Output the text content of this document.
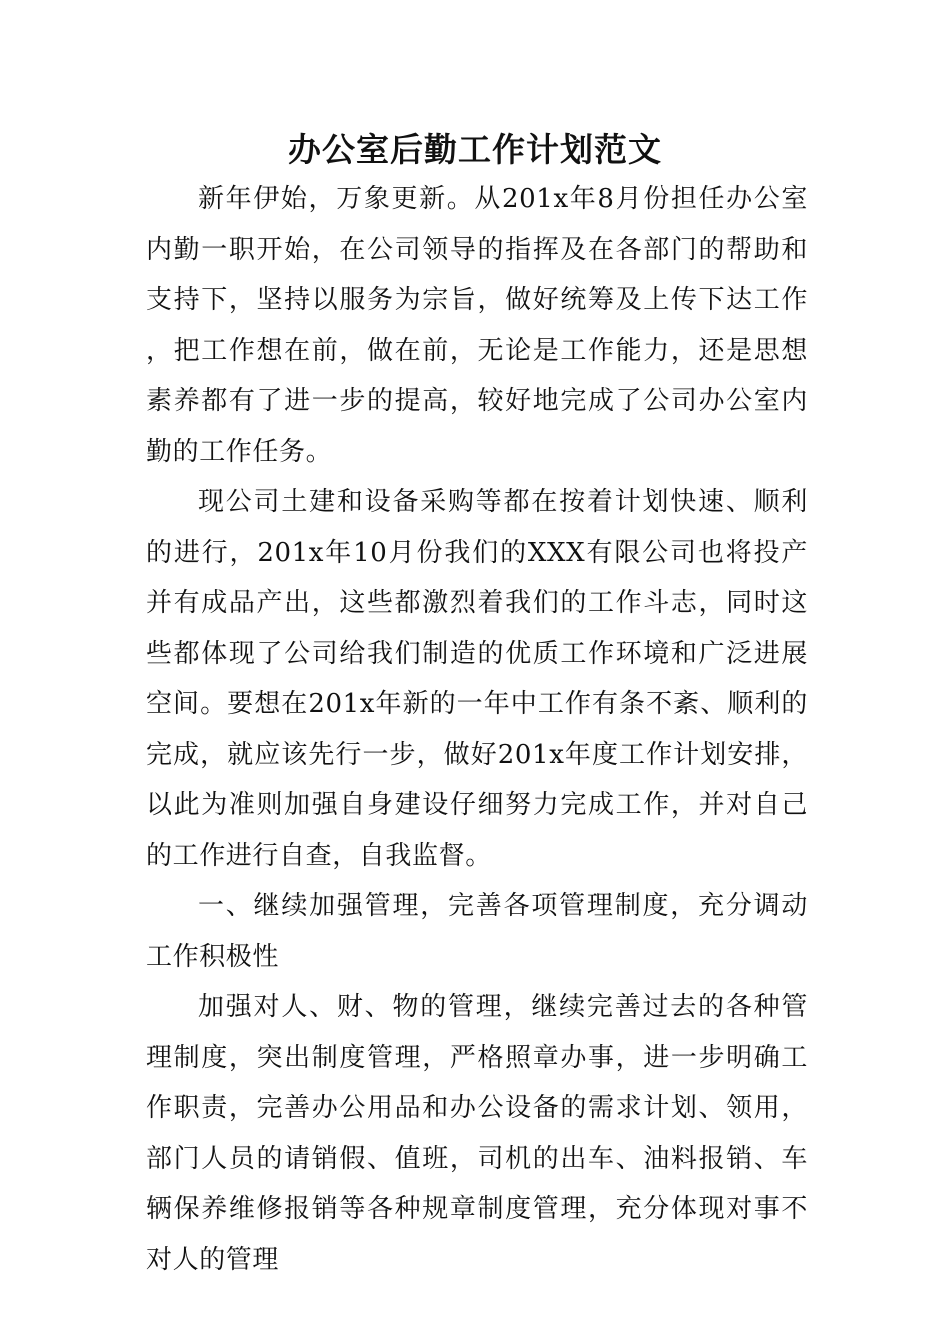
办公室后勤工作计划范文

新年伊始，万象更新。从201x年8月份担任办公室内勤一职开始，在公司领导的指挥及在各部门的帮助和支持下，坚持以服务为宗旨，做好统筹及上传下达工作 ，把工作想在前，做在前，无论是工作能力，还是思想素养都有了进一步的提高，较好地完成了公司办公室内勤的工作任务。

现公司土建和设备采购等都在按着计划快速、顺利的进行，201x年10月份我们的XXX有限公司也将投产并有成品产出，这些都激烈着我们的工作斗志，同时这些都体现了公司给我们制造的优质工作环境和广泛进展空间。要想在201x年新的一年中工作有条不紊、顺利的完成，就应该先行一步，做好201x年度工作计划安排，以此为准则加强自身建设仔细努力完成工作，并对自己的工作进行自查，自我监督。

一、继续加强管理，完善各项管理制度，充分调动工作积极性

加强对人、财、物的管理，继续完善过去的各种管理制度，突出制度管理，严格照章办事，进一步明确工作职责，完善办公用品和办公设备的需求计划、领用，部门人员的请销假、值班，司机的出车、油料报销、车辆保养维修报销等各种规章制度管理，充分体现对事不对人的管理
